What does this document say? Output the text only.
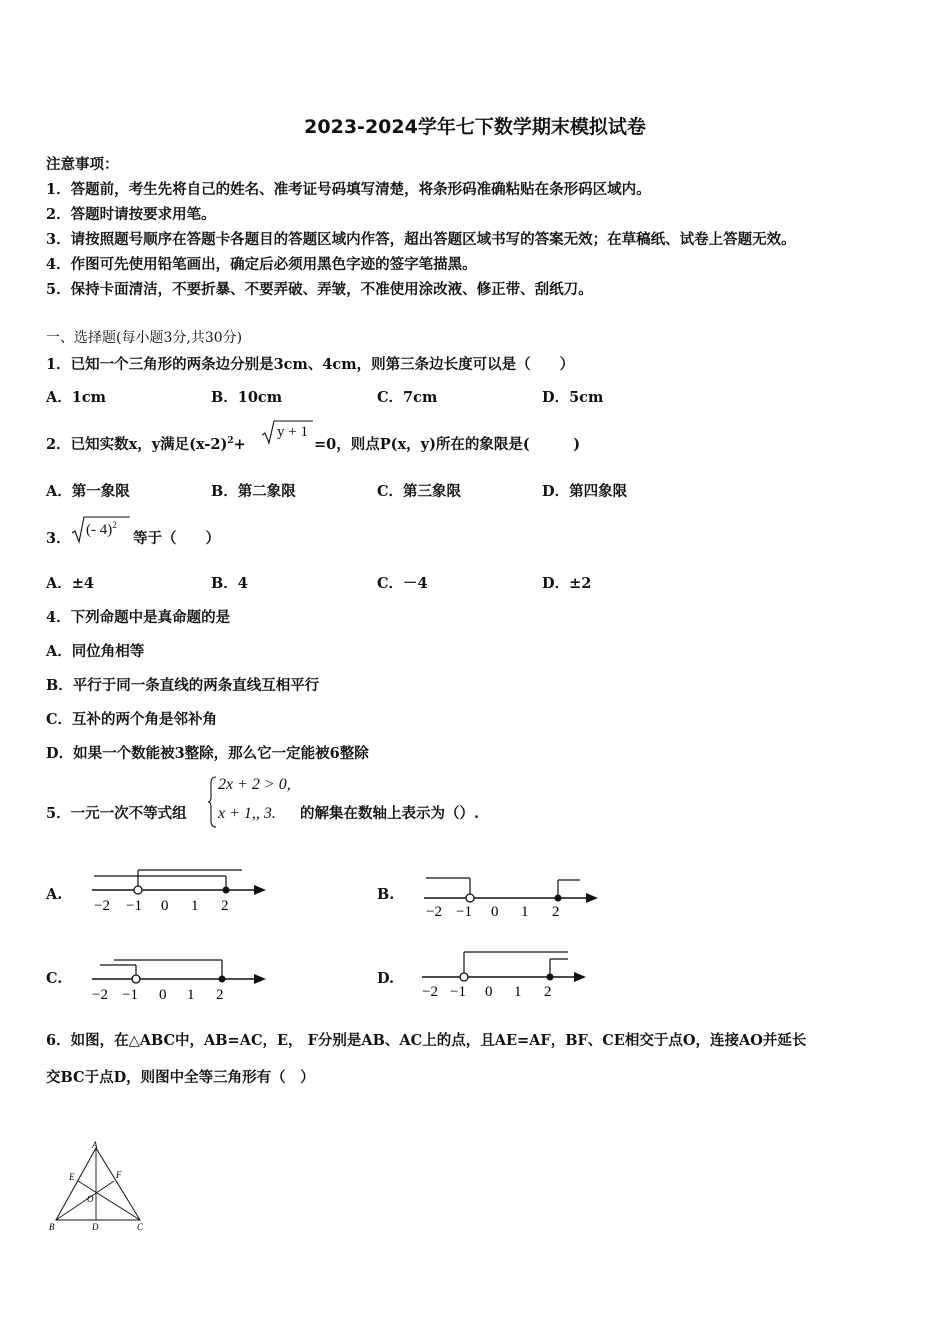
2023-2024学年七下数学期末模拟试卷
注意事项：
1．答题前，考生先将自己的姓名、准考证号码填写清楚，将条形码准确粘贴在条形码区域内。
2．答题时请按要求用笔。
3．请按照题号顺序在答题卡各题目的答题区域内作答，超出答题区域书写的答案无效；在草稿纸、试卷上答题无效。
4．作图可先使用铅笔画出，确定后必须用黑色字迹的签字笔描黑。
5．保持卡面清洁，不要折暴、不要弄破、弄皱，不准使用涂改液、修正带、刮纸刀。
一、选择题(每小题3分,共30分)
1．已知一个三角形的两条边分别是3cm、4cm，则第三条边长度可以是（　　）
A．1cm	B．10cm	C．7cm	D．5cm
2．已知实数x，y满足$(x-2)^2+$
y + 1
=0，则点P(x，y)所在的象限是(　　　)
A．第一象限	B．第二象限	C．第三象限	D．第四象限
3． (- 4)$^2$
等于（　　）
A．±4	B．4	C．－4	D．±2
4．下列命题中是真命题的是
A．同位角相等
B．平行于同一条直线的两条直线互相平行
C．互补的两个角是邻补角
D．如果一个数能被3整除，那么它一定能被6整除
5．一元一次不等式组
2x + 2 > 0,
x + 1,, 3. 的解集在数轴上表示为（）.
A.	B.
C.	D.
−2 −1 0 1 2	−2 −1 0 1 2
−2 −1 0 1 2	−2 −1 0 1 2
6．如图，在△ABC中，AB=AC，E， F分别是AB、AC上的点，且AE=AF，BF、CE相交于点O，连接AO并延长
交BC于点D，则图中全等三角形有（　）
A
E	F
O
B	D	C
